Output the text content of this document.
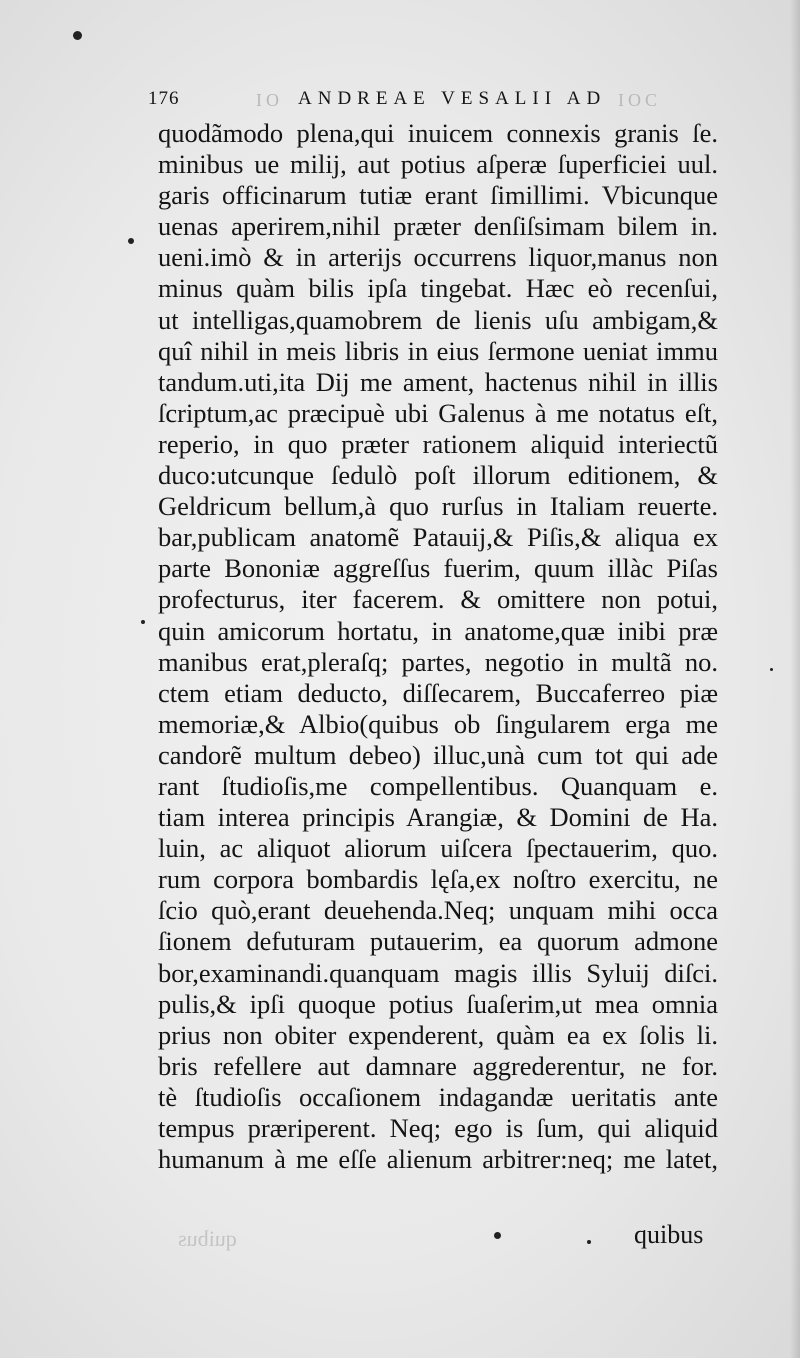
176	ANDREAE VESALII AD
IO	IOC
quodãmodo plena,qui inuicem connexis granis ſe.
minibus ue milij, aut potius aſperæ ſuperficiei uul.
garis officinarum tutiæ erant ſimillimi. Vbicunque
uenas aperirem,nihil præter denſiſsimam bilem in.
ueni.imò & in arterijs occurrens liquor,manus non
minus quàm bilis ipſa tingebat. Hæc eò recenſui,
ut intelligas,quamobrem de lienis uſu ambigam,&
quî nihil in meis libris in eius ſermone ueniat immu
tandum.uti,ita Dij me ament, hactenus nihil in illis
ſcriptum,ac præcipuè ubi Galenus à me notatus eſt,
reperio, in quo præter rationem aliquid interiectũ
duco:utcunque ſedulò poſt illorum editionem, &
Geldricum bellum,à quo rurſus in Italiam reuerte.
bar,publicam anatomẽ Patauij,& Piſis,& aliqua ex
parte Bononiæ aggreſſus fuerim, quum illàc Piſas
profecturus, iter facerem. & omittere non potui,
quin amicorum hortatu, in anatome,quæ inibi præ
manibus erat,pleraſq; partes, negotio in multã no.
ctem etiam deducto, diſſecarem, Buccaferreo piæ
memoriæ,& Albio(quibus ob ſingularem erga me
candorẽ multum debeo) illuc,unà cum tot qui ade
rant ſtudioſis,me compellentibus. Quanquam e.
tiam interea principis Arangiæ, & Domini de Ha.
luin, ac aliquot aliorum uiſcera ſpectauerim, quo.
rum corpora bombardis lęſa,ex noſtro exercitu, ne
ſcio quò,erant deuehenda.Neq; unquam mihi occa
ſionem defuturam putauerim, ea quorum admone
bor,examinandi.quanquam magis illis Syluij diſci.
pulis,& ipſi quoque potius ſuaſerim,ut mea omnia
prius non obiter expenderent, quàm ea ex ſolis li.
bris refellere aut damnare aggrederentur, ne for.
tè ſtudioſis occaſionem indagandæ ueritatis ante
tempus præriperent. Neq; ego is ſum, qui aliquid
humanum à me eſſe alienum arbitrer:neq; me latet,
quibus	quibus
